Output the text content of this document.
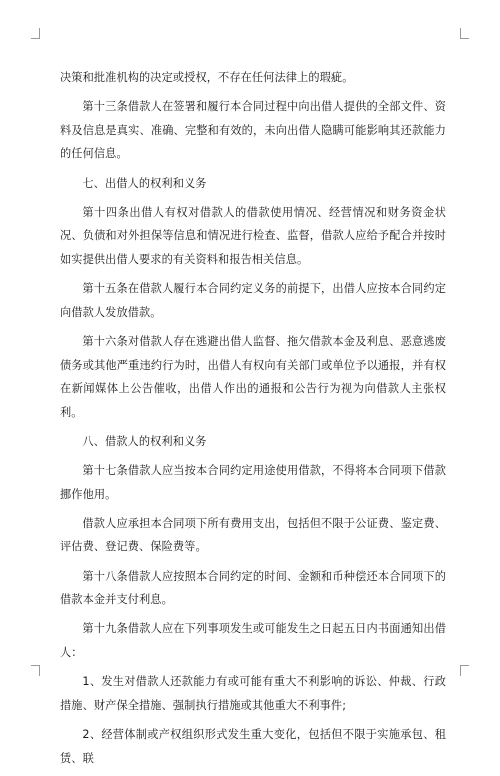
决策和批准机构的决定或授权，不存在任何法律上的瑕疵。

第十三条借款人在签署和履行本合同过程中向出借人提供的全部文件、资料及信息是真实、准确、完整和有效的，未向出借人隐瞒可能影响其还款能力的任何信息。

七、出借人的权利和义务

第十四条出借人有权对借款人的借款使用情况、经营情况和财务资金状况、负债和对外担保等信息和情况进行检查、监督，借款人应给予配合并按时如实提供出借人要求的有关资料和报告相关信息。

第十五条在借款人履行本合同约定义务的前提下，出借人应按本合同约定向借款人发放借款。

第十六条对借款人存在逃避出借人监督、拖欠借款本金及利息、恶意逃废债务或其他严重违约行为时，出借人有权向有关部门或单位予以通报，并有权在新闻媒体上公告催收，出借人作出的通报和公告行为视为向借款人主张权利。

八、借款人的权利和义务

第十七条借款人应当按本合同约定用途使用借款，不得将本合同项下借款挪作他用。

借款人应承担本合同项下所有费用支出，包括但不限于公证费、鉴定费、评估费、登记费、保险费等。

第十八条借款人应按照本合同约定的时间、金额和币种偿还本合同项下的借款本金并支付利息。

第十九条借款人应在下列事项发生或可能发生之日起五日内书面通知出借人：

1、发生对借款人还款能力有或可能有重大不利影响的诉讼、仲裁、行政措施、财产保全措施、强制执行措施或其他重大不利事件;

2、经营体制或产权组织形式发生重大变化，包括但不限于实施承包、租赁、联
